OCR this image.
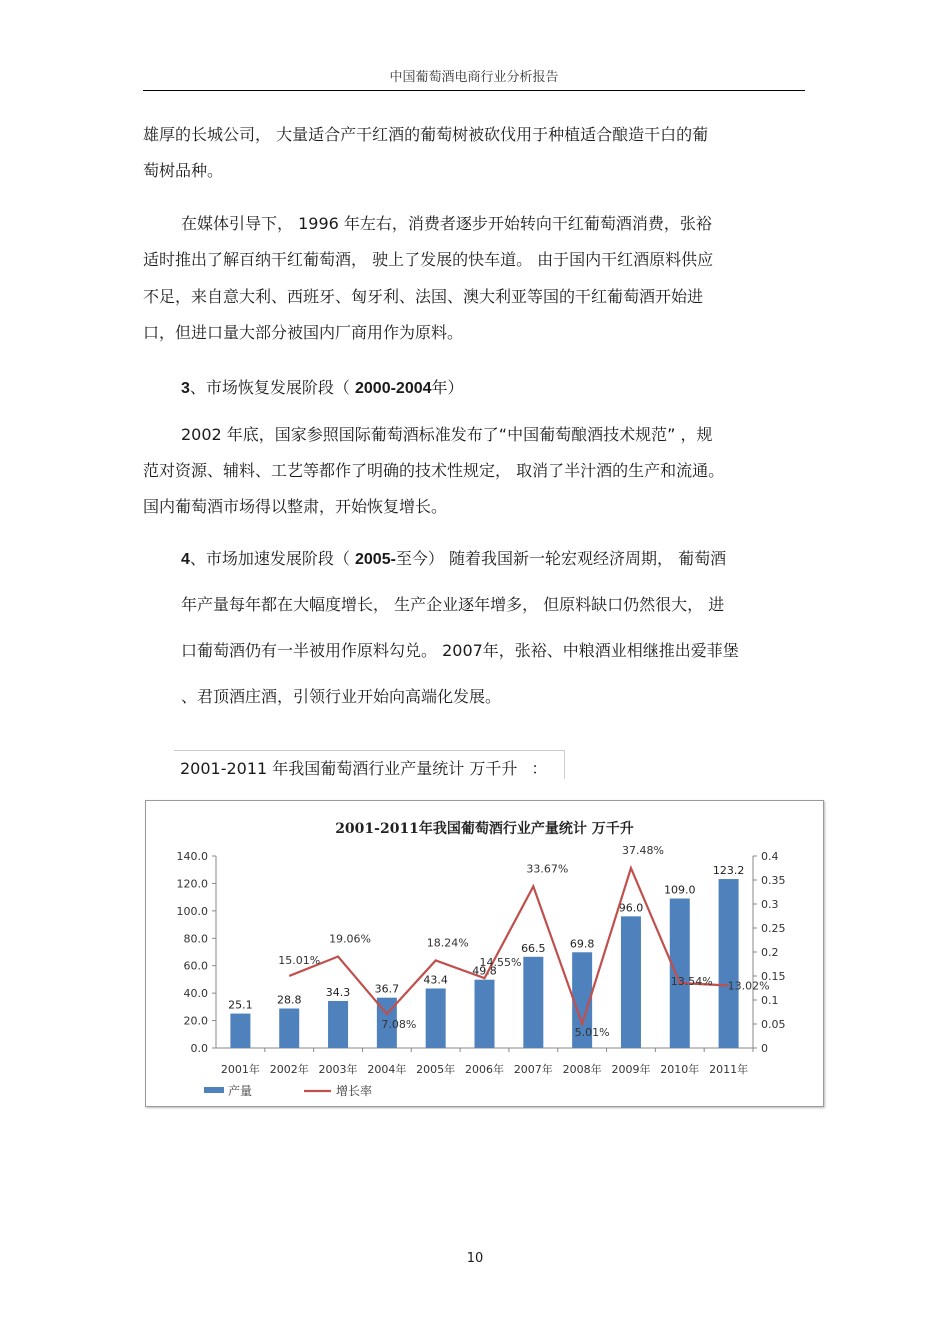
中国葡萄酒电商行业分析报告
雄厚的长城公司， 大量适合产干红酒的葡萄树被砍伐用于种植适合酿造干白的葡
萄树品种。
在媒体引导下， 1996 年左右，消费者逐步开始转向干红葡萄酒消费，张裕
适时推出了解百纳干红葡萄酒， 驶上了发展的快车道。 由于国内干红酒原料供应
不足，来自意大利、西班牙、匈牙利、法国、澳大利亚等国的干红葡萄酒开始进
口，但进口量大部分被国内厂商用作为原料。
3、市场恢复发展阶段（ 2000-2004年）
2002 年底，国家参照国际葡萄酒标准发布了“中国葡萄酿酒技术规范” ，规
范对资源、辅料、工艺等都作了明确的技术性规定， 取消了半汁酒的生产和流通。
国内葡萄酒市场得以整肃，开始恢复增长。
4、市场加速发展阶段（ 2005-至今） 随着我国新一轮宏观经济周期， 葡萄酒
年产量每年都在大幅度增长， 生产企业逐年增多， 但原料缺口仍然很大， 进
口葡萄酒仍有一半被用作原料勾兑。 2007年，张裕、中粮酒业相继推出爱菲堡
、君顶酒庄酒，引领行业开始向高端化发展。
2001-2011 年我国葡萄酒行业产量统计 万千升 ：
2001-2011年我国葡萄酒行业产量统计 万千升
0.0
20.0
40.0
60.0
80.0
100.0
120.0
140.0
0
0.05
0.1
0.15
0.2
0.25
0.3
0.35
0.4
25.1
2001年
28.8
2002年
34.3
2003年
36.7
2004年
43.4
2005年
49.8
2006年
66.5
2007年
69.8
2008年
96.0
2009年
109.0
2010年
123.2
2011年
15.01%
19.06%
7.08%
18.24%
14.55%
33.67%
5.01%
37.48%
13.54% 13.02%
产量	增长率
10
